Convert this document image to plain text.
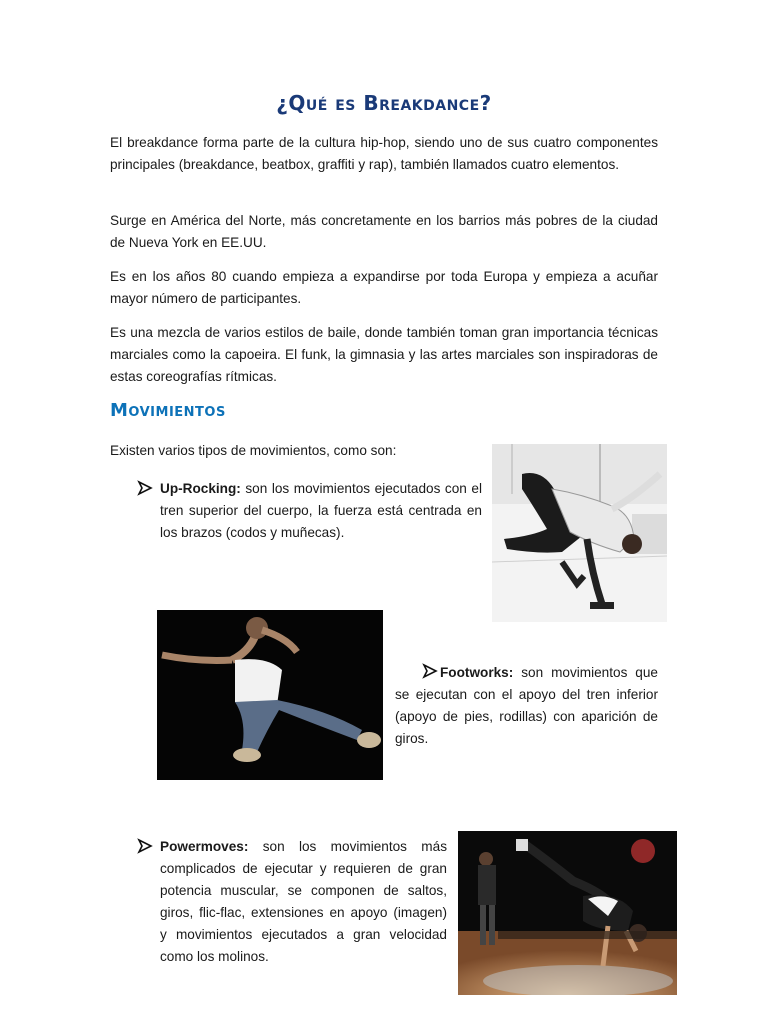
¿Qué es Breakdance?

El breakdance forma parte de la cultura hip-hop, siendo uno de sus cuatro componentes principales (breakdance, beatbox, graffiti y rap), también llamados cuatro elementos.

Surge en América del Norte, más concretamente en los barrios más pobres de la ciudad de Nueva York en EE.UU.

Es en los años 80 cuando empieza a expandirse por toda Europa y empieza a acuñar mayor número de participantes.

Es una mezcla de varios estilos de baile, donde también toman gran importancia técnicas marciales como la capoeira. El funk, la gimnasia y las artes marciales son inspiradoras de estas coreografías rítmicas.

Movimientos

Existen varios tipos de movimientos, como son:

Up-Rocking: son los movimientos ejecutados con el tren superior del cuerpo, la fuerza está centrada en los brazos (codos y muñecas).

Footworks: son movimientos que se ejecutan con el apoyo del tren inferior (apoyo de pies, rodillas) con aparición de giros.

Powermoves: son los movimientos más complicados de ejecutar y requieren de gran potencia muscular, se componen de saltos, giros, flic-flac, extensiones en apoyo (imagen) y movimientos ejecutados a gran velocidad como los molinos.
